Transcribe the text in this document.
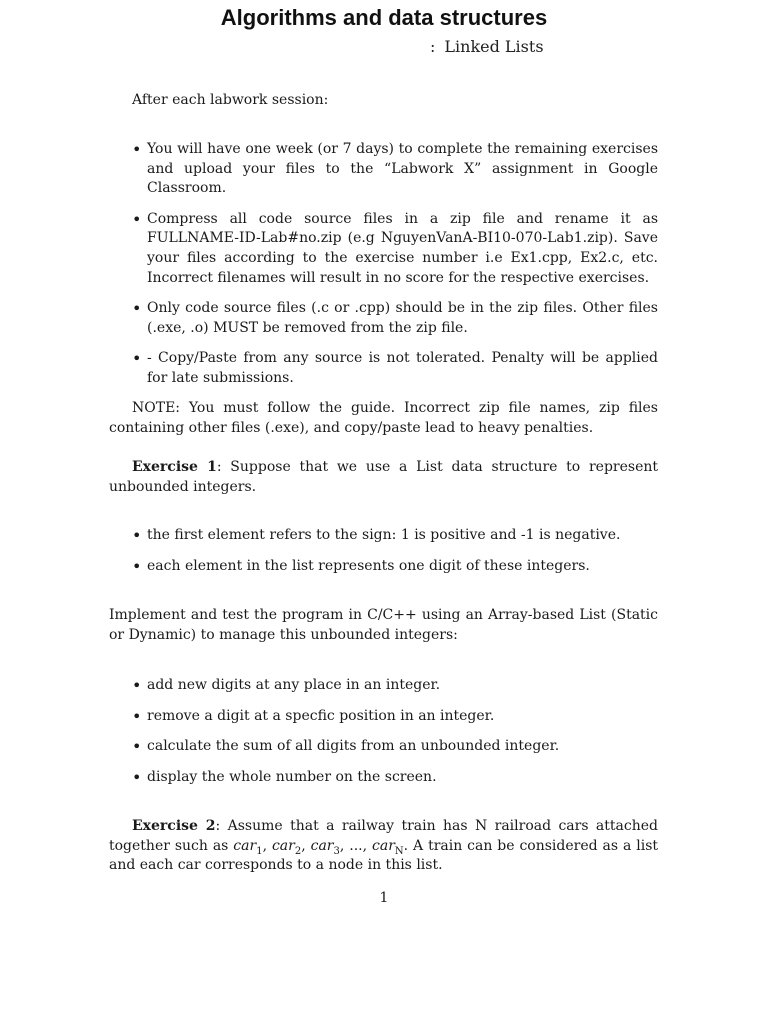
Algorithms and data structures
: Linked Lists
After each labwork session:
• You will have one week (or 7 days) to complete the remaining exercises and upload your files to the “Labwork X” assignment in Google Classroom.
• Compress all code source files in a zip file and rename it as FULLNAME-ID-Lab#no.zip (e.g NguyenVanA-BI10-070-Lab1.zip). Save your files according to the exercise number i.e Ex1.cpp, Ex2.c, etc. Incorrect filenames will result in no score for the respective exercises.
• Only code source files (.c or .cpp) should be in the zip files. Other files (.exe, .o) MUST be removed from the zip file.
• - Copy/Paste from any source is not tolerated. Penalty will be applied for late submissions.
NOTE: You must follow the guide. Incorrect zip file names, zip files containing other files (.exe), and copy/paste lead to heavy penalties.
Exercise 1: Suppose that we use a List data structure to represent unbounded integers.
• the first element refers to the sign: 1 is positive and -1 is negative.
• each element in the list represents one digit of these integers.
Implement and test the program in C/C++ using an Array-based List (Static or Dynamic) to manage this unbounded integers:
• add new digits at any place in an integer.
• remove a digit at a specfic position in an integer.
• calculate the sum of all digits from an unbounded integer.
• display the whole number on the screen.
Exercise 2: Assume that a railway train has N railroad cars attached together such as car$_1$, car$_2$, car$_3$, ..., car$_N$. A train can be considered as a list and each car corresponds to a node in this list.
1
